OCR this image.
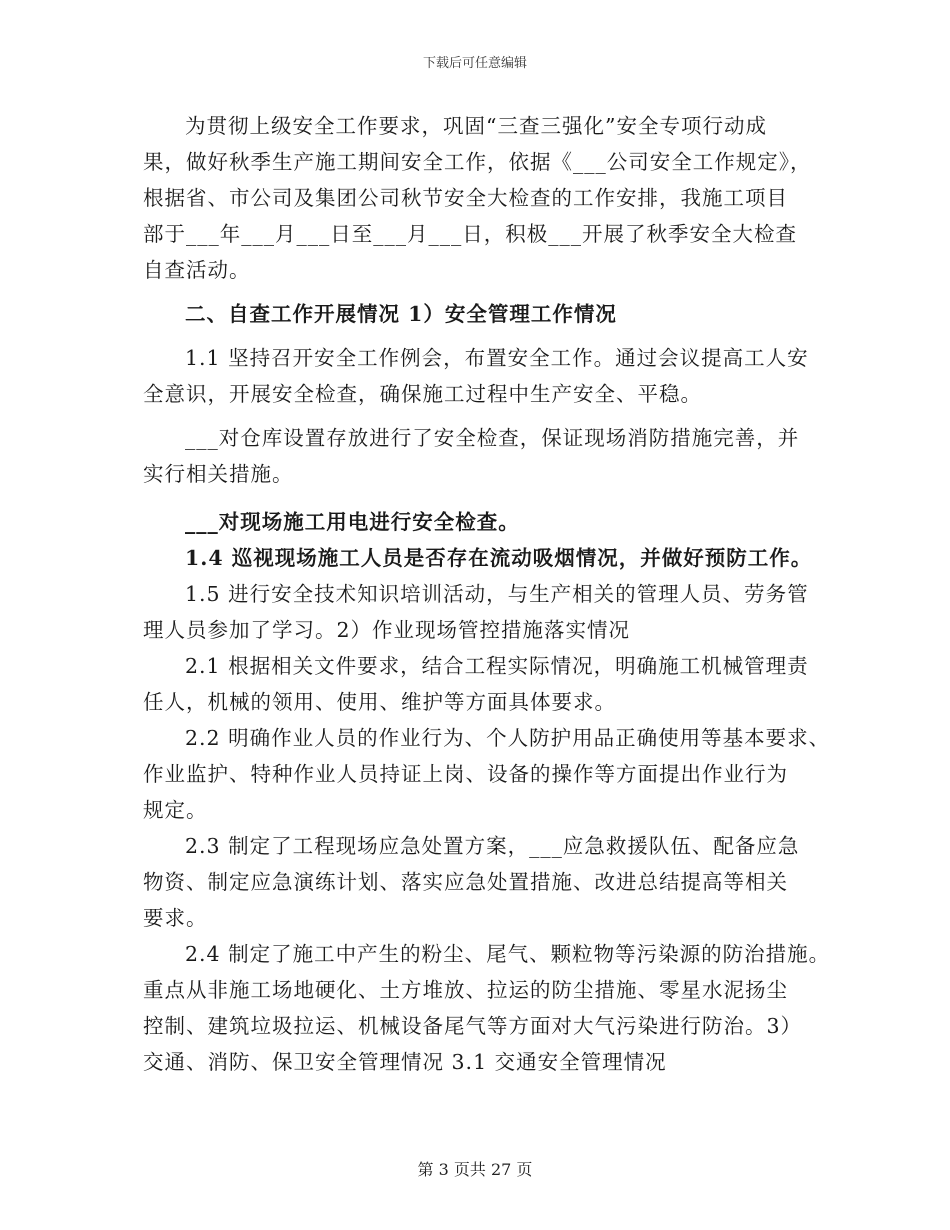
下载后可任意编辑
为贯彻上级安全工作要求，巩固“三查三强化”安全专项行动成
果，做好秋季生产施工期间安全工作，依据《___公司安全工作规定》，
根据省、市公司及集团公司秋节安全大检查的工作安排，我施工项目
部于___年___月___日至___月___日，积极___开展了秋季安全大检查
自查活动。
二、自查工作开展情况 1）安全管理工作情况
1.1 坚持召开安全工作例会，布置安全工作。通过会议提高工人安
全意识，开展安全检查，确保施工过程中生产安全、平稳。
___对仓库设置存放进行了安全检查，保证现场消防措施完善，并
实行相关措施。
___对现场施工用电进行安全检查。
1.4 巡视现场施工人员是否存在流动吸烟情况，并做好预防工作。
1.5 进行安全技术知识培训活动，与生产相关的管理人员、劳务管
理人员参加了学习。2）作业现场管控措施落实情况
2.1 根据相关文件要求，结合工程实际情况，明确施工机械管理责
任人，机械的领用、使用、维护等方面具体要求。
2.2 明确作业人员的作业行为、个人防护用品正确使用等基本要求、
作业监护、特种作业人员持证上岗、设备的操作等方面提出作业行为
规定。
2.3 制定了工程现场应急处置方案，___应急救援队伍、配备应急
物资、制定应急演练计划、落实应急处置措施、改进总结提高等相关
要求。
2.4 制定了施工中产生的粉尘、尾气、颗粒物等污染源的防治措施。
重点从非施工场地硬化、土方堆放、拉运的防尘措施、零星水泥扬尘
控制、建筑垃圾拉运、机械设备尾气等方面对大气污染进行防治。3）
交通、消防、保卫安全管理情况 3.1 交通安全管理情况
第 3 页共 27 页
